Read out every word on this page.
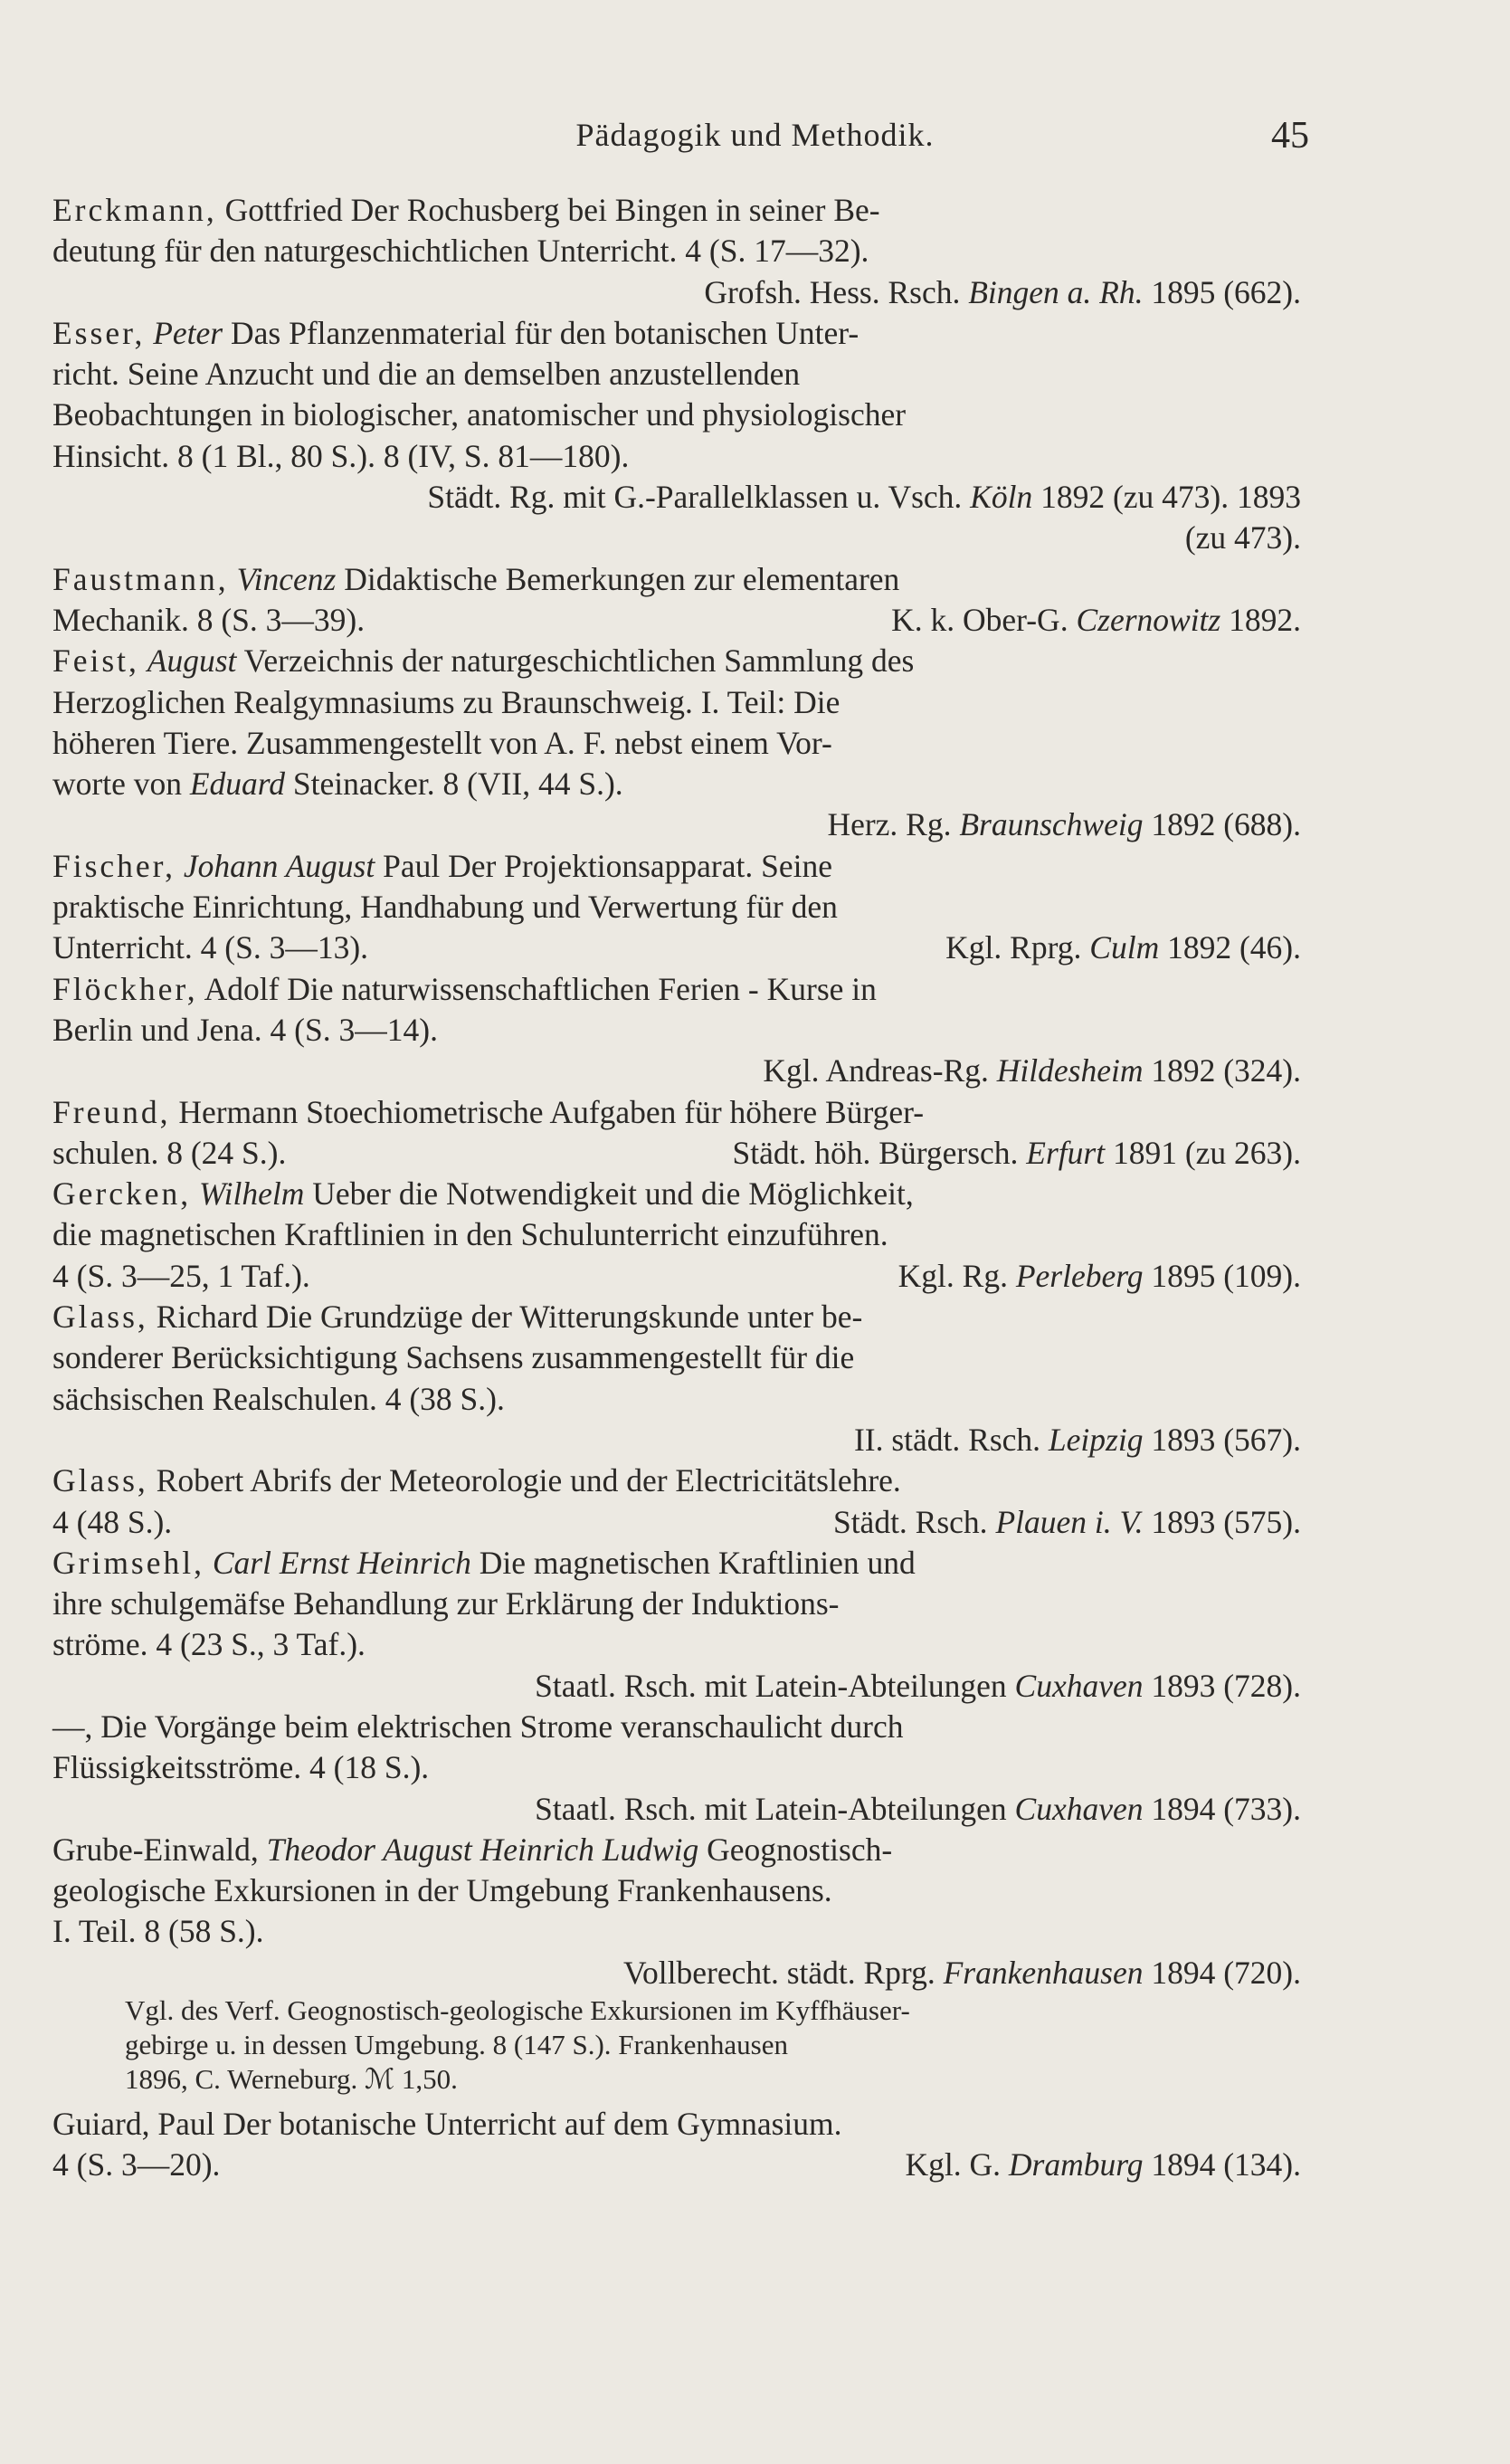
Pädagogik und Methodik.	45
Erckmann, Gottfried Der Rochusberg bei Bingen in seiner Be-
deutung für den naturgeschichtlichen Unterricht. 4 (S. 17—32).
Grofsh. Hess. Rsch. Bingen a. Rh. 1895 (662).
Esser, Peter Das Pflanzenmaterial für den botanischen Unter-
richt. Seine Anzucht und die an demselben anzustellenden
Beobachtungen in biologischer, anatomischer und physiologischer
Hinsicht. 8 (1 Bl., 80 S.). 8 (IV, S. 81—180).
Städt. Rg. mit G.-Parallelklassen u. Vsch. Köln 1892 (zu 473). 1893
(zu 473).
Faustmann, Vincenz Didaktische Bemerkungen zur elementaren
Mechanik. 8 (S. 3—39).	K. k. Ober-G. Czernowitz 1892.
Feist, August Verzeichnis der naturgeschichtlichen Sammlung des
Herzoglichen Realgymnasiums zu Braunschweig. I. Teil: Die
höheren Tiere. Zusammengestellt von A. F. nebst einem Vor-
worte von Eduard Steinacker. 8 (VII, 44 S.).
Herz. Rg. Braunschweig 1892 (688).
Fischer, Johann August Paul Der Projektionsapparat. Seine
praktische Einrichtung, Handhabung und Verwertung für den
Unterricht. 4 (S. 3—13).	Kgl. Rprg. Culm 1892 (46).
Flöckher, Adolf Die naturwissenschaftlichen Ferien - Kurse in
Berlin und Jena. 4 (S. 3—14).
Kgl. Andreas-Rg. Hildesheim 1892 (324).
Freund, Hermann Stoechiometrische Aufgaben für höhere Bürger-
schulen. 8 (24 S.).	Städt. höh. Bürgersch. Erfurt 1891 (zu 263).
Gercken, Wilhelm Ueber die Notwendigkeit und die Möglichkeit,
die magnetischen Kraftlinien in den Schulunterricht einzuführen.
4 (S. 3—25, 1 Taf.).	Kgl. Rg. Perleberg 1895 (109).
Glass, Richard Die Grundzüge der Witterungskunde unter be-
sonderer Berücksichtigung Sachsens zusammengestellt für die
sächsischen Realschulen. 4 (38 S.).
II. städt. Rsch. Leipzig 1893 (567).
Glass, Robert Abrifs der Meteorologie und der Electricitätslehre.
4 (48 S.).	Städt. Rsch. Plauen i. V. 1893 (575).
Grimsehl, Carl Ernst Heinrich Die magnetischen Kraftlinien und
ihre schulgemäfse Behandlung zur Erklärung der Induktions-
ströme. 4 (23 S., 3 Taf.).
Staatl. Rsch. mit Latein-Abteilungen Cuxhaven 1893 (728).
—, Die Vorgänge beim elektrischen Strome veranschaulicht durch
Flüssigkeitsströme. 4 (18 S.).
Staatl. Rsch. mit Latein-Abteilungen Cuxhaven 1894 (733).
Grube-Einwald, Theodor August Heinrich Ludwig Geognostisch-
geologische Exkursionen in der Umgebung Frankenhausens.
I. Teil. 8 (58 S.).
Vollberecht. städt. Rprg. Frankenhausen 1894 (720).
Vgl. des Verf. Geognostisch-geologische Exkursionen im Kyffhäuser-
gebirge u. in dessen Umgebung. 8 (147 S.). Frankenhausen
1896, C. Werneburg. ℳ 1,50.
Guiard, Paul Der botanische Unterricht auf dem Gymnasium.
4 (S. 3—20).	Kgl. G. Dramburg 1894 (134).
